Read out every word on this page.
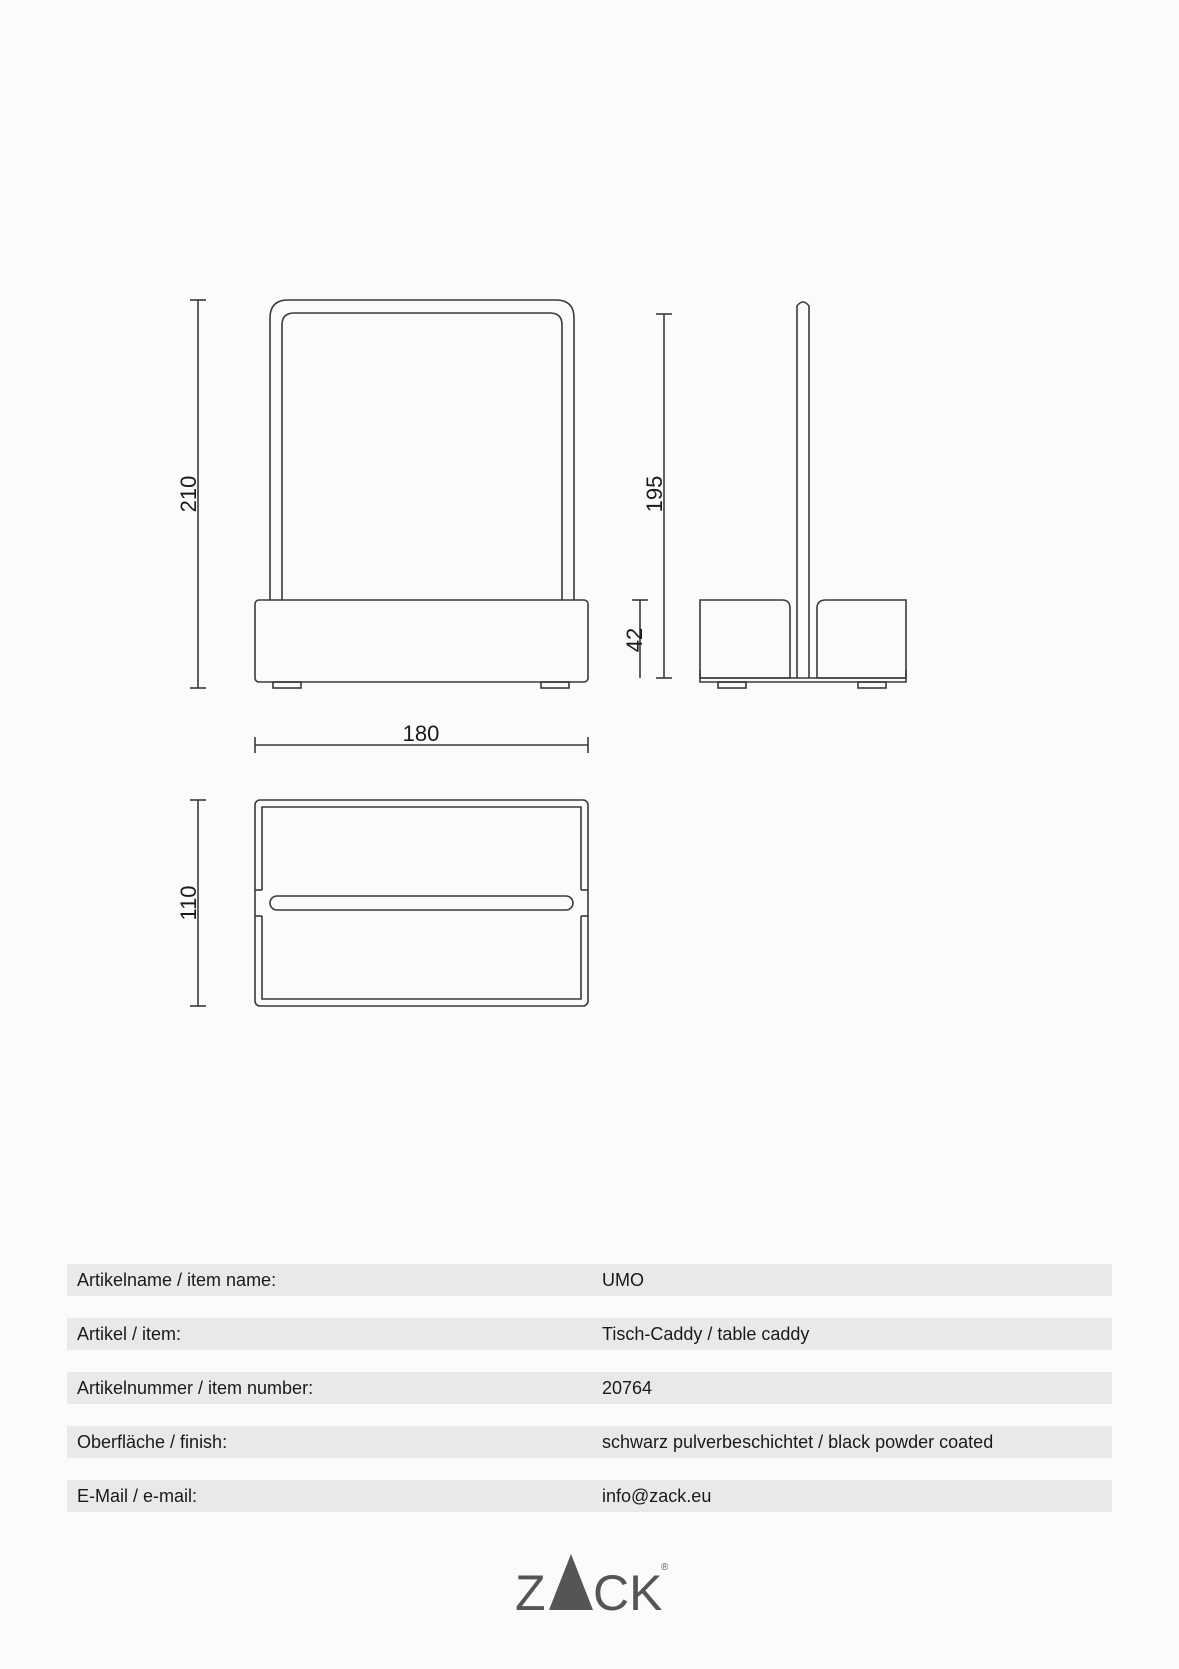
210	195
42
180
110
Artikelname / item name:	UMO
Artikel / item:	Tisch-Caddy / table caddy
Artikelnummer / item number:	20764
Oberfläche / finish:	schwarz pulverbeschichtet / black powder coated
E-Mail / e-mail:	info@zack.eu
Z CK
®
